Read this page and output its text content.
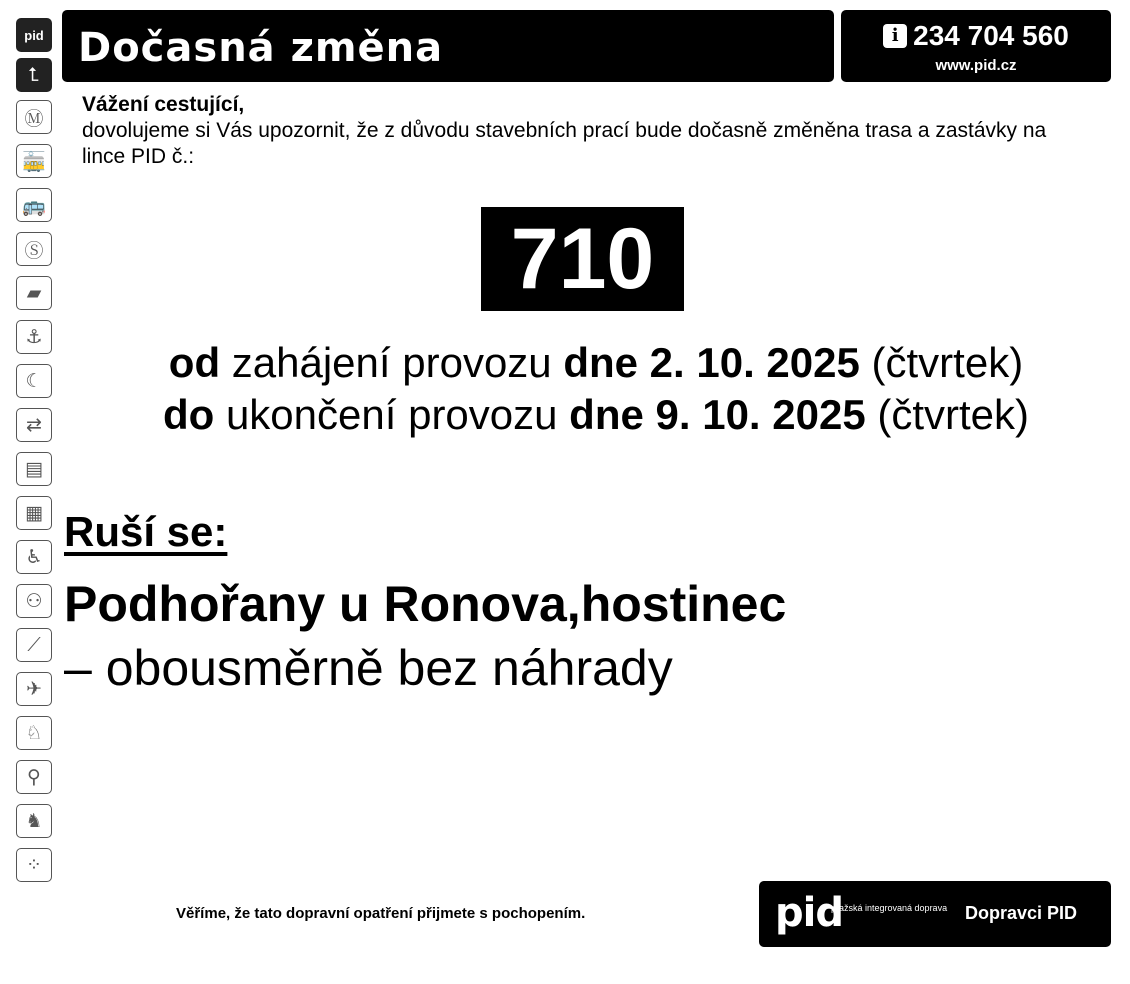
pid
⮤
Ⓜ
🚋
🚌
Ⓢ
▰
⚓
☾
⇄
▤
▦
♿
⚇
⟋
✈
♘
⚲
♞
⁘
Dočasná změna	i 234 704 560
www.pid.cz
Vážení cestující,
dovolujeme si Vás upozornit, že z důvodu stavebních prací bude dočasně změněna trasa a zastávky na lince PID č.:
710
od zahájení provozu dne 2. 10. 2025 (čtvrtek)
do ukončení provozu dne 9. 10. 2025 (čtvrtek)
Ruší se:
Podhořany u Ronova,hostinec
– obousměrně bez náhrady
Věříme, že tato dopravní opatření přijmete s pochopením.	pid
pražská integrovaná doprava Dopravci PID
